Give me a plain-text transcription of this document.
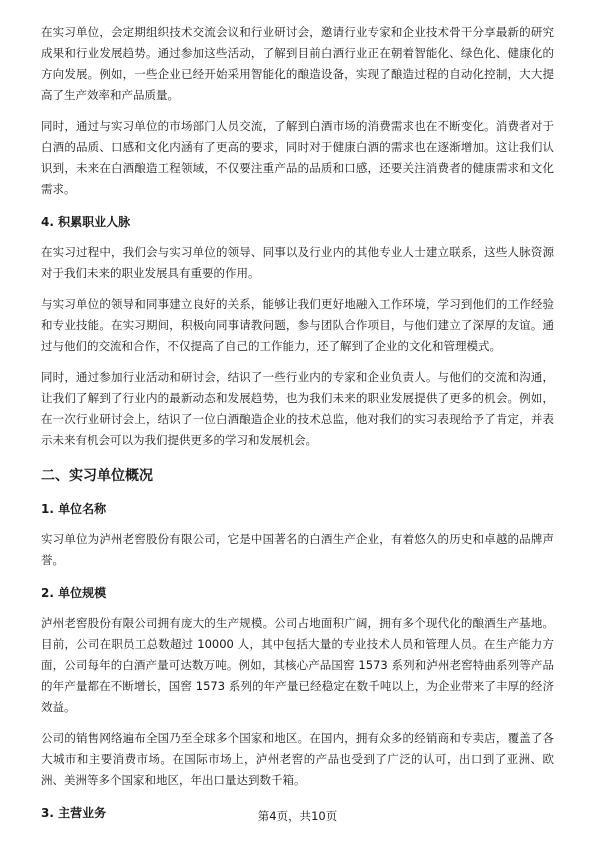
在实习单位，会定期组织技术交流会议和行业研讨会，邀请行业专家和企业技术骨干分享最新的研究成果和行业发展趋势。通过参加这些活动，了解到目前白酒行业正在朝着智能化、绿色化、健康化的方向发展。例如，一些企业已经开始采用智能化的酿造设备，实现了酿造过程的自动化控制，大大提高了生产效率和产品质量。

同时，通过与实习单位的市场部门人员交流，了解到白酒市场的消费需求也在不断变化。消费者对于白酒的品质、口感和文化内涵有了更高的要求，同时对于健康白酒的需求也在逐渐增加。这让我们认识到，未来在白酒酿造工程领域，不仅要注重产品的品质和口感，还要关注消费者的健康需求和文化需求。

4. 积累职业人脉

在实习过程中，我们会与实习单位的领导、同事以及行业内的其他专业人士建立联系，这些人脉资源对于我们未来的职业发展具有重要的作用。

与实习单位的领导和同事建立良好的关系，能够让我们更好地融入工作环境，学习到他们的工作经验和专业技能。在实习期间，积极向同事请教问题，参与团队合作项目，与他们建立了深厚的友谊。通过与他们的交流和合作，不仅提高了自己的工作能力，还了解到了企业的文化和管理模式。

同时，通过参加行业活动和研讨会，结识了一些行业内的专家和企业负责人。与他们的交流和沟通，让我们了解到了行业内的最新动态和发展趋势，也为我们未来的职业发展提供了更多的机会。例如，在一次行业研讨会上，结识了一位白酒酿造企业的技术总监，他对我们的实习表现给予了肯定，并表示未来有机会可以为我们提供更多的学习和发展机会。

二、实习单位概况
1. 单位名称

实习单位为泸州老窖股份有限公司，它是中国著名的白酒生产企业，有着悠久的历史和卓越的品牌声誉。

2. 单位规模

泸州老窖股份有限公司拥有庞大的生产规模。公司占地面积广阔，拥有多个现代化的酿酒生产基地。目前，公司在职员工总数超过 10000 人，其中包括大量的专业技术人员和管理人员。在生产能力方面，公司每年的白酒产量可达数万吨。例如，其核心产品国窖 1573 系列和泸州老窖特曲系列等产品的年产量都在不断增长，国窖 1573 系列的年产量已经稳定在数千吨以上，为企业带来了丰厚的经济效益。

公司的销售网络遍布全国乃至全球多个国家和地区。在国内，拥有众多的经销商和专卖店，覆盖了各大城市和主要消费市场。在国际市场上，泸州老窖的产品也受到了广泛的认可，出口到了亚洲、欧洲、美洲等多个国家和地区，年出口量达到数千箱。

3. 主营业务	第4页，共10页
